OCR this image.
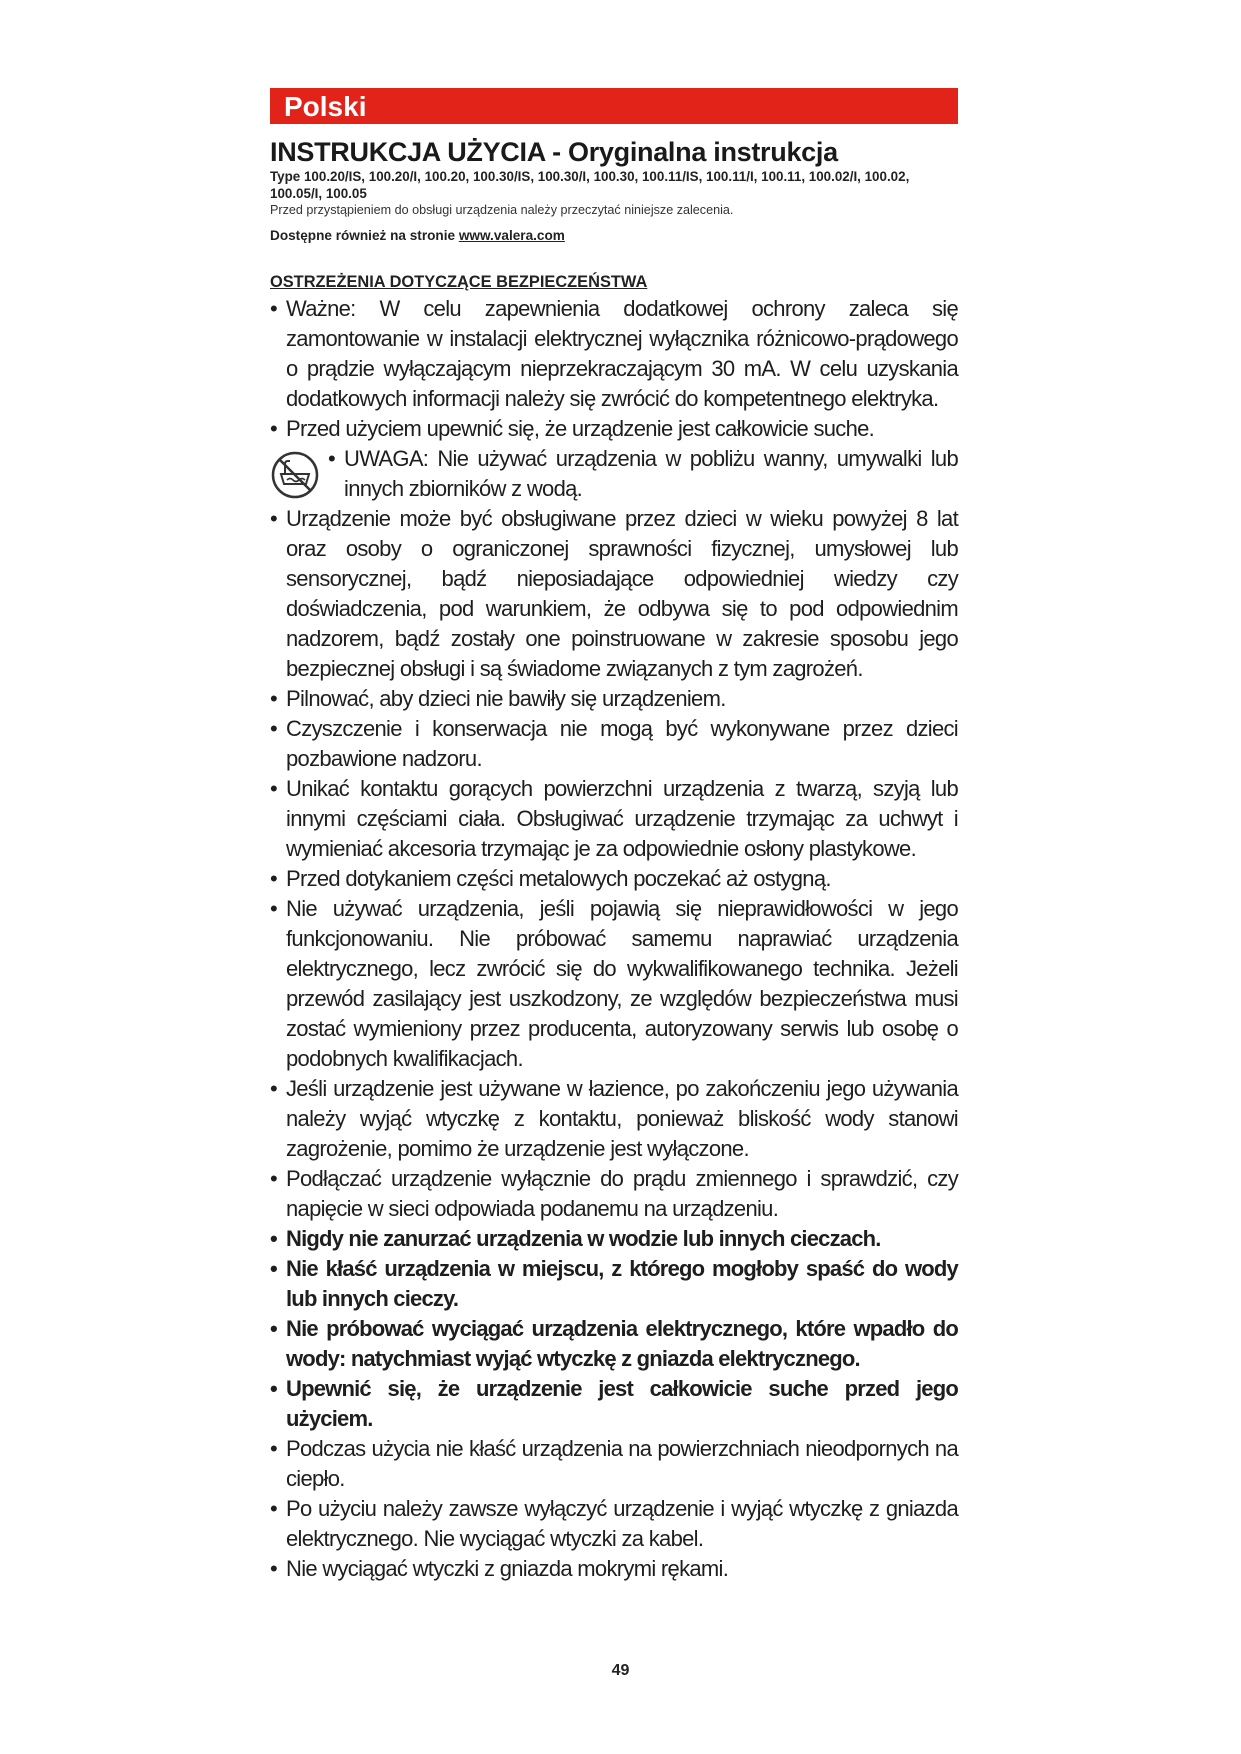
Polski
INSTRUKCJA UŻYCIA - Oryginalna instrukcja
Type 100.20/IS, 100.20/I, 100.20, 100.30/IS, 100.30/I, 100.30, 100.11/IS, 100.11/I, 100.11, 100.02/I, 100.02, 100.05/I, 100.05
Przed przystąpieniem do obsługi urządzenia należy przeczytać niniejsze zalecenia.
Dostępne również na stronie www.valera.com
OSTRZEŻENIA DOTYCZĄCE BEZPIECZEŃSTWA
• Ważne: W celu zapewnienia dodatkowej ochrony zaleca się zamontowanie w instalacji elektrycznej wyłącznika różnicowo-prądowego o prądzie wyłączającym nieprzekraczającym 30 mA. W celu uzyskania dodatkowych informacji należy się zwrócić do kompetentnego elektryka.
• Przed użyciem upewnić się, że urządzenie jest całkowicie suche.
• UWAGA: Nie używać urządzenia w pobliżu wanny, umywalki lub innych zbiorników z wodą.
• Urządzenie może być obsługiwane przez dzieci w wieku powyżej 8 lat oraz osoby o ograniczonej sprawności fizycznej, umysłowej lub sensorycznej, bądź nieposiadające odpowiedniej wiedzy czy doświadczenia, pod warunkiem, że odbywa się to pod odpowiednim nadzorem, bądź zostały one poinstruowane w zakresie sposobu jego bezpiecznej obsługi i są świadome związanych z tym zagrożeń.
• Pilnować, aby dzieci nie bawiły się urządzeniem.
• Czyszczenie i konserwacja nie mogą być wykonywane przez dzieci pozbawione nadzoru.
• Unikać kontaktu gorących powierzchni urządzenia z twarzą, szyją lub innymi częściami ciała. Obsługiwać urządzenie trzymając za uchwyt i wymieniać akcesoria trzymając je za odpowiednie osłony plastykowe.
• Przed dotykaniem części metalowych poczekać aż ostygną.
• Nie używać urządzenia, jeśli pojawią się nieprawidłowości w jego funkcjonowaniu. Nie próbować samemu naprawiać urządzenia elektrycznego, lecz zwrócić się do wykwalifikowanego technika. Jeżeli przewód zasilający jest uszkodzony, ze względów bezpieczeństwa musi zostać wymieniony przez producenta, autoryzowany serwis lub osobę o podobnych kwalifikacjach.
• Jeśli urządzenie jest używane w łazience, po zakończeniu jego używania należy wyjąć wtyczkę z kontaktu, ponieważ bliskość wody stanowi zagrożenie, pomimo że urządzenie jest wyłączone.
• Podłączać urządzenie wyłącznie do prądu zmiennego i sprawdzić, czy napięcie w sieci odpowiada podanemu na urządzeniu.
• Nigdy nie zanurzać urządzenia w wodzie lub innych cieczach.
• Nie kłaść urządzenia w miejscu, z którego mogłoby spaść do wody lub innych cieczy.
• Nie próbować wyciągać urządzenia elektrycznego, które wpadło do wody: natychmiast wyjąć wtyczkę z gniazda elektrycznego.
• Upewnić się, że urządzenie jest całkowicie suche przed jego użyciem.
• Podczas użycia nie kłaść urządzenia na powierzchniach nieodpornych na ciepło.
• Po użyciu należy zawsze wyłączyć urządzenie i wyjąć wtyczkę z gniazda elektrycznego. Nie wyciągać wtyczki za kabel.
• Nie wyciągać wtyczki z gniazda mokrymi rękami.
49
